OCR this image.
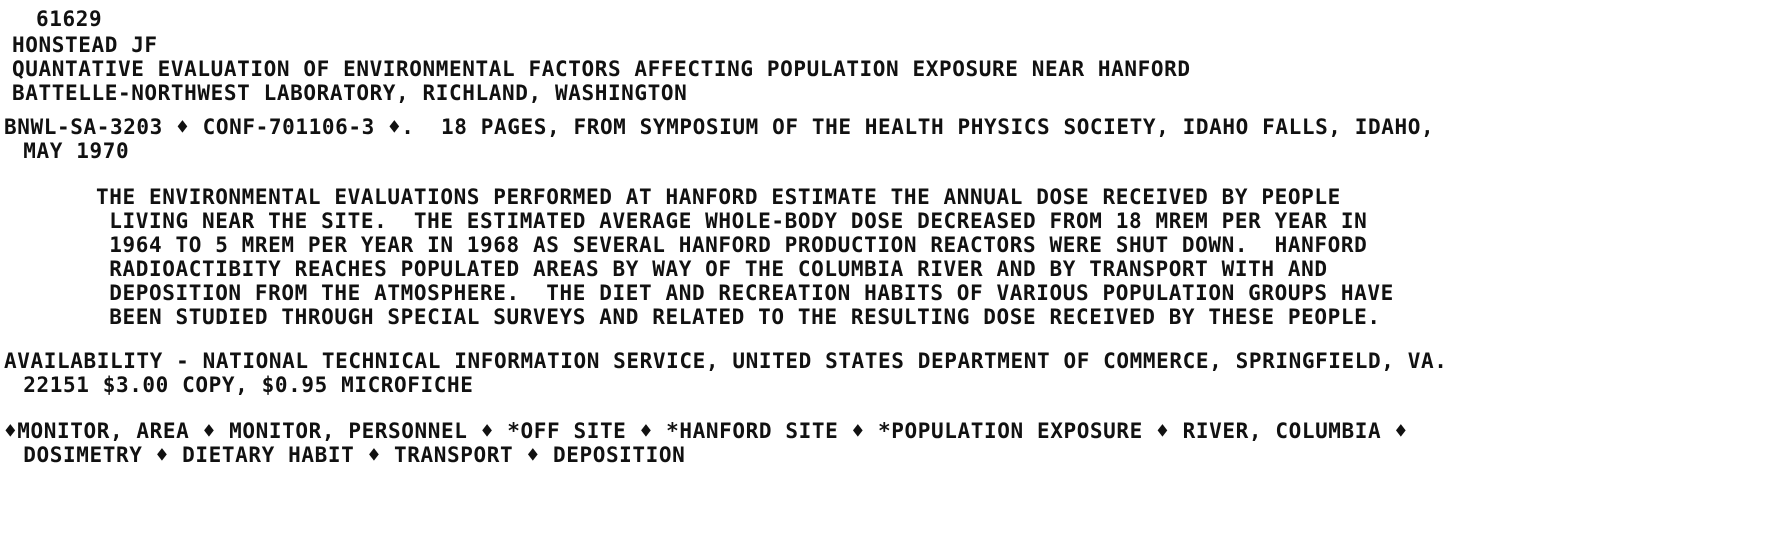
61629
HONSTEAD JF
QUANTATIVE EVALUATION OF ENVIRONMENTAL FACTORS AFFECTING POPULATION EXPOSURE NEAR HANFORD
BATTELLE-NORTHWEST LABORATORY, RICHLAND, WASHINGTON
BNWL-SA-3203 ♦ CONF-701106-3 ♦.  18 PAGES, FROM SYMPOSIUM OF THE HEALTH PHYSICS SOCIETY, IDAHO FALLS, IDAHO,
MAY 1970
THE ENVIRONMENTAL EVALUATIONS PERFORMED AT HANFORD ESTIMATE THE ANNUAL DOSE RECEIVED BY PEOPLE
LIVING NEAR THE SITE.  THE ESTIMATED AVERAGE WHOLE-BODY DOSE DECREASED FROM 18 MREM PER YEAR IN
1964 TO 5 MREM PER YEAR IN 1968 AS SEVERAL HANFORD PRODUCTION REACTORS WERE SHUT DOWN.  HANFORD
RADIOACTIBITY REACHES POPULATED AREAS BY WAY OF THE COLUMBIA RIVER AND BY TRANSPORT WITH AND
DEPOSITION FROM THE ATMOSPHERE.  THE DIET AND RECREATION HABITS OF VARIOUS POPULATION GROUPS HAVE
BEEN STUDIED THROUGH SPECIAL SURVEYS AND RELATED TO THE RESULTING DOSE RECEIVED BY THESE PEOPLE.
AVAILABILITY - NATIONAL TECHNICAL INFORMATION SERVICE, UNITED STATES DEPARTMENT OF COMMERCE, SPRINGFIELD, VA.
22151 $3.00 COPY, $0.95 MICROFICHE
♦MONITOR, AREA ♦ MONITOR, PERSONNEL ♦ *OFF SITE ♦ *HANFORD SITE ♦ *POPULATION EXPOSURE ♦ RIVER, COLUMBIA ♦
DOSIMETRY ♦ DIETARY HABIT ♦ TRANSPORT ♦ DEPOSITION
